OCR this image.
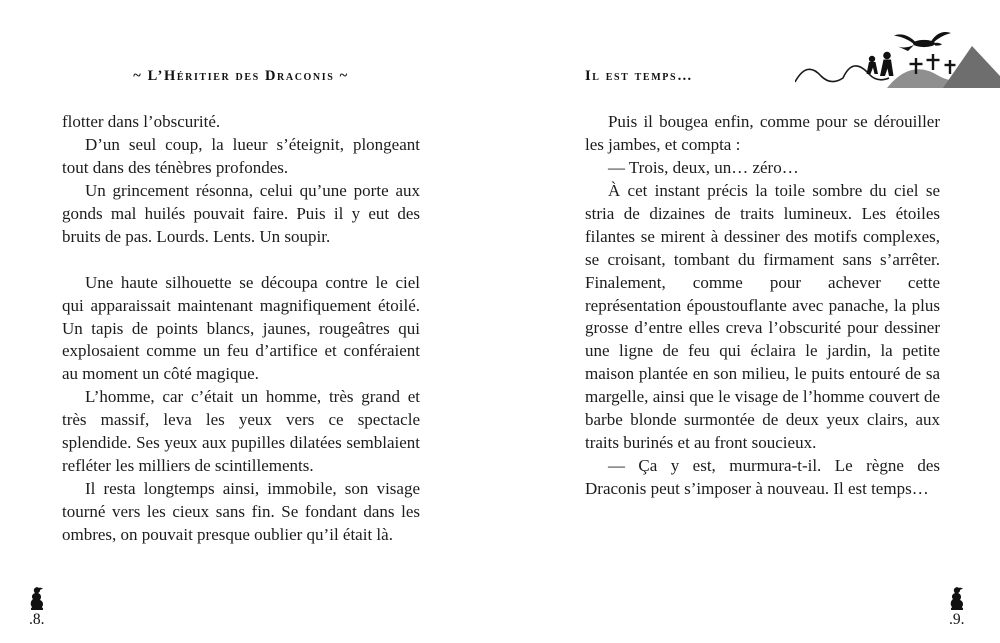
~ L’Héritier des Draconis ~

flotter dans l’obscurité.

D’un seul coup, la lueur s’éteignit, plongeant tout dans des ténèbres profondes.

Un grincement résonna, celui qu’une porte aux gonds mal huilés pouvait faire. Puis il y eut des bruits de pas. Lourds. Lents. Un soupir.

Une haute silhouette se découpa contre le ciel qui apparaissait maintenant magnifiquement étoilé. Un tapis de points blancs, jaunes, rougeâtres qui explosaient comme un feu d’artifice et conféraient au moment un côté magique.

L’homme, car c’était un homme, très grand et très massif, leva les yeux vers ce spectacle splendide. Ses yeux aux pupilles dilatées semblaient refléter les milliers de scintillements.

Il resta longtemps ainsi, immobile, son visage tourné vers les cieux sans fin. Se fondant dans les ombres, on pouvait presque oublier qu’il était là.

.8.
Il est temps…

Puis il bougea enfin, comme pour se dérouiller les jambes, et compta :

— Trois, deux, un… zéro…

À cet instant précis la toile sombre du ciel se stria de dizaines de traits lumineux. Les étoiles filantes se mirent à dessiner des motifs complexes, se croisant, tombant du firmament sans s’arrêter. Finalement, comme pour achever cette représentation époustouflante avec panache, la plus grosse d’entre elles creva l’obscurité pour dessiner une ligne de feu qui éclaira le jardin, la petite maison plantée en son milieu, le puits entouré de sa margelle, ainsi que le visage de l’homme couvert de barbe blonde surmontée de deux yeux clairs, aux traits burinés et au front soucieux.

— Ça y est, murmura-t-il. Le règne des Draconis peut s’imposer à nouveau. Il est temps…

.9.
